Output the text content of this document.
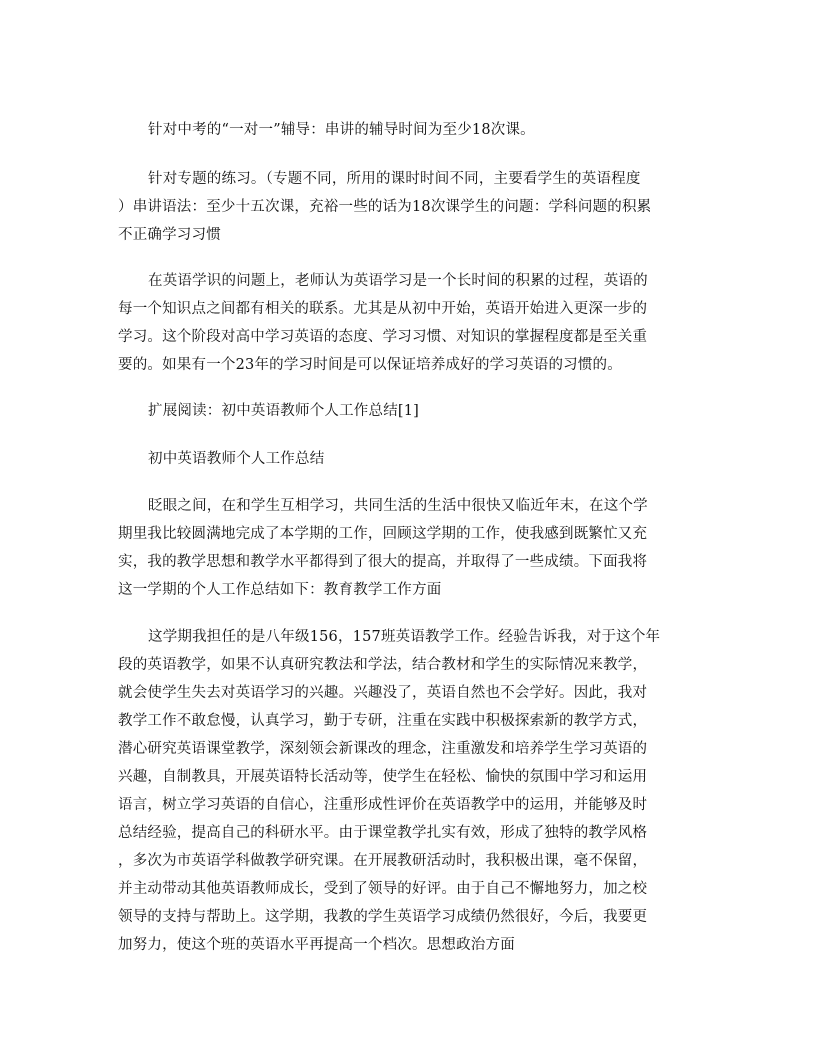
针对中考的“一对一”辅导：串讲的辅导时间为至少18次课。
针对专题的练习。（专题不同，所用的课时时间不同，主要看学生的英语程度
）串讲语法：至少十五次课，充裕一些的话为18次课学生的问题：学科问题的积累
不正确学习习惯
在英语学识的问题上，老师认为英语学习是一个长时间的积累的过程，英语的
每一个知识点之间都有相关的联系。尤其是从初中开始，英语开始进入更深一步的
学习。这个阶段对高中学习英语的态度、学习习惯、对知识的掌握程度都是至关重
要的。如果有一个23年的学习时间是可以保证培养成好的学习英语的习惯的。
扩展阅读：初中英语教师个人工作总结[1]
初中英语教师个人工作总结
眨眼之间，在和学生互相学习，共同生活的生活中很快又临近年末，在这个学
期里我比较圆满地完成了本学期的工作，回顾这学期的工作，使我感到既繁忙又充
实，我的教学思想和教学水平都得到了很大的提高，并取得了一些成绩。下面我将
这一学期的个人工作总结如下：教育教学工作方面
这学期我担任的是八年级156，157班英语教学工作。经验告诉我，对于这个年
段的英语教学，如果不认真研究教法和学法，结合教材和学生的实际情况来教学，
就会使学生失去对英语学习的兴趣。兴趣没了，英语自然也不会学好。因此，我对
教学工作不敢怠慢，认真学习，勤于专研，注重在实践中积极探索新的教学方式，
潜心研究英语课堂教学，深刻领会新课改的理念，注重激发和培养学生学习英语的
兴趣，自制教具，开展英语特长活动等，使学生在轻松、愉快的氛围中学习和运用
语言，树立学习英语的自信心，注重形成性评价在英语教学中的运用，并能够及时
总结经验，提高自己的科研水平。由于课堂教学扎实有效，形成了独特的教学风格
，多次为市英语学科做教学研究课。在开展教研活动时，我积极出课，毫不保留，
并主动带动其他英语教师成长，受到了领导的好评。由于自己不懈地努力，加之校
领导的支持与帮助上。这学期，我教的学生英语学习成绩仍然很好，今后，我要更
加努力，使这个班的英语水平再提高一个档次。思想政治方面
